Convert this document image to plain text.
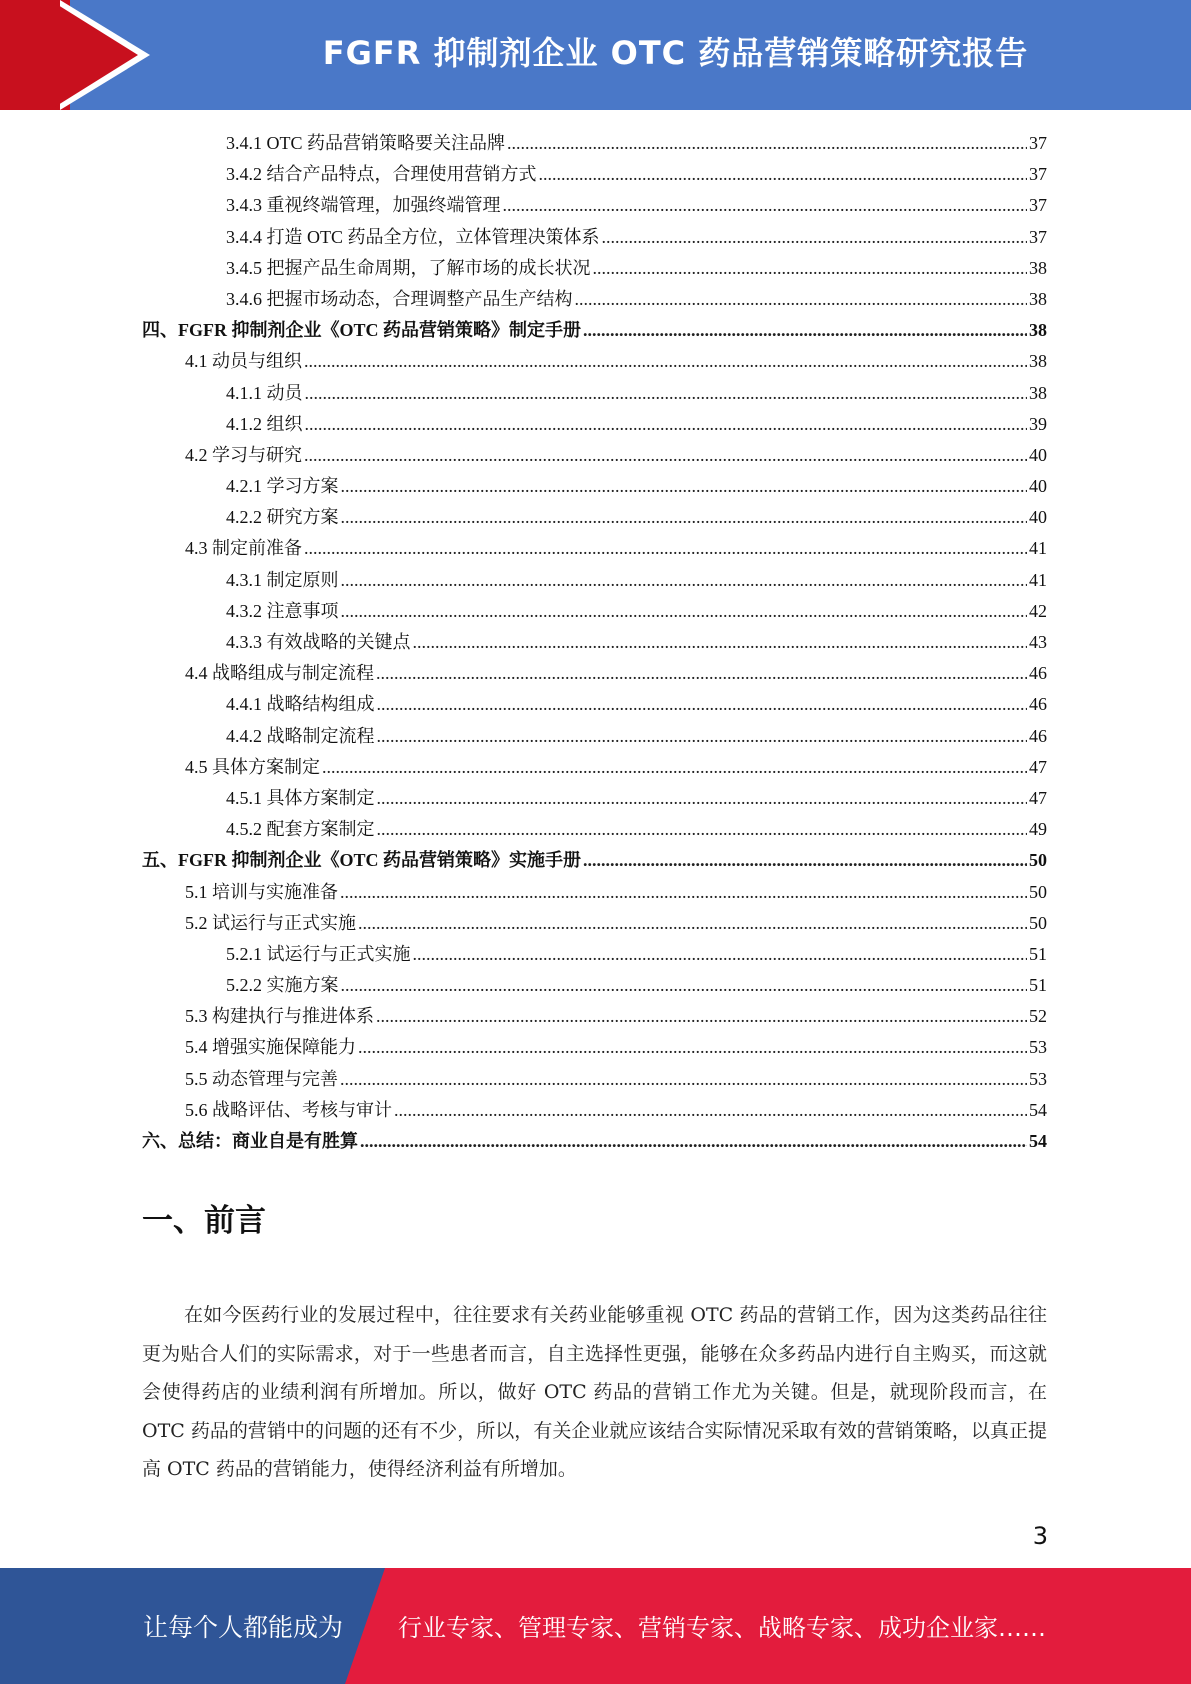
FGFR 抑制剂企业 OTC 药品营销策略研究报告
3.4.1 OTC 药品营销策略要关注品牌 .....	37
3.4.2 结合产品特点，合理使用营销方式 .....	37
3.4.3 重视终端管理，加强终端管理 .....	37
3.4.4 打造 OTC 药品全方位，立体管理决策体系 .....	37
3.4.5 把握产品生命周期，了解市场的成长状况 .....	38
3.4.6 把握市场动态，合理调整产品生产结构 .....	38
四、FGFR 抑制剂企业《OTC 药品营销策略》制定手册 .....	38
4.1 动员与组织 .....	38
4.1.1 动员 .....	38
4.1.2 组织 .....	39
4.2 学习与研究 .....	40
4.2.1 学习方案 .....	40
4.2.2 研究方案 .....	40
4.3 制定前准备 .....	41
4.3.1 制定原则 .....	41
4.3.2 注意事项 .....	42
4.3.3 有效战略的关键点 .....	43
4.4 战略组成与制定流程 .....	46
4.4.1 战略结构组成 .....	46
4.4.2 战略制定流程 .....	46
4.5 具体方案制定 .....	47
4.5.1 具体方案制定 .....	47
4.5.2 配套方案制定 .....	49
五、FGFR 抑制剂企业《OTC 药品营销策略》实施手册 .....	50
5.1 培训与实施准备 .....	50
5.2 试运行与正式实施 .....	50
5.2.1 试运行与正式实施 .....	51
5.2.2 实施方案 .....	51
5.3 构建执行与推进体系 .....	52
5.4 增强实施保障能力 .....	53
5.5 动态管理与完善 .....	53
5.6 战略评估、考核与审计 .....	54
六、总结：商业自是有胜算 .....	54
一、前言
在如今医药行业的发展过程中，往往要求有关药业能够重视 OTC 药品的营销工作，因为这类药品往往更为贴合人们的实际需求，对于一些患者而言，自主选择性更强，能够在众多药品内进行自主购买，而这就会使得药店的业绩利润有所增加。所以，做好 OTC 药品的营销工作尤为关键。但是，就现阶段而言，在 OTC 药品的营销中的问题的还有不少，所以，有关企业就应该结合实际情况采取有效的营销策略，以真正提高 OTC 药品的营销能力，使得经济利益有所增加。
3
让每个人都能成为 行业专家、管理专家、营销专家、战略专家、成功企业家……
